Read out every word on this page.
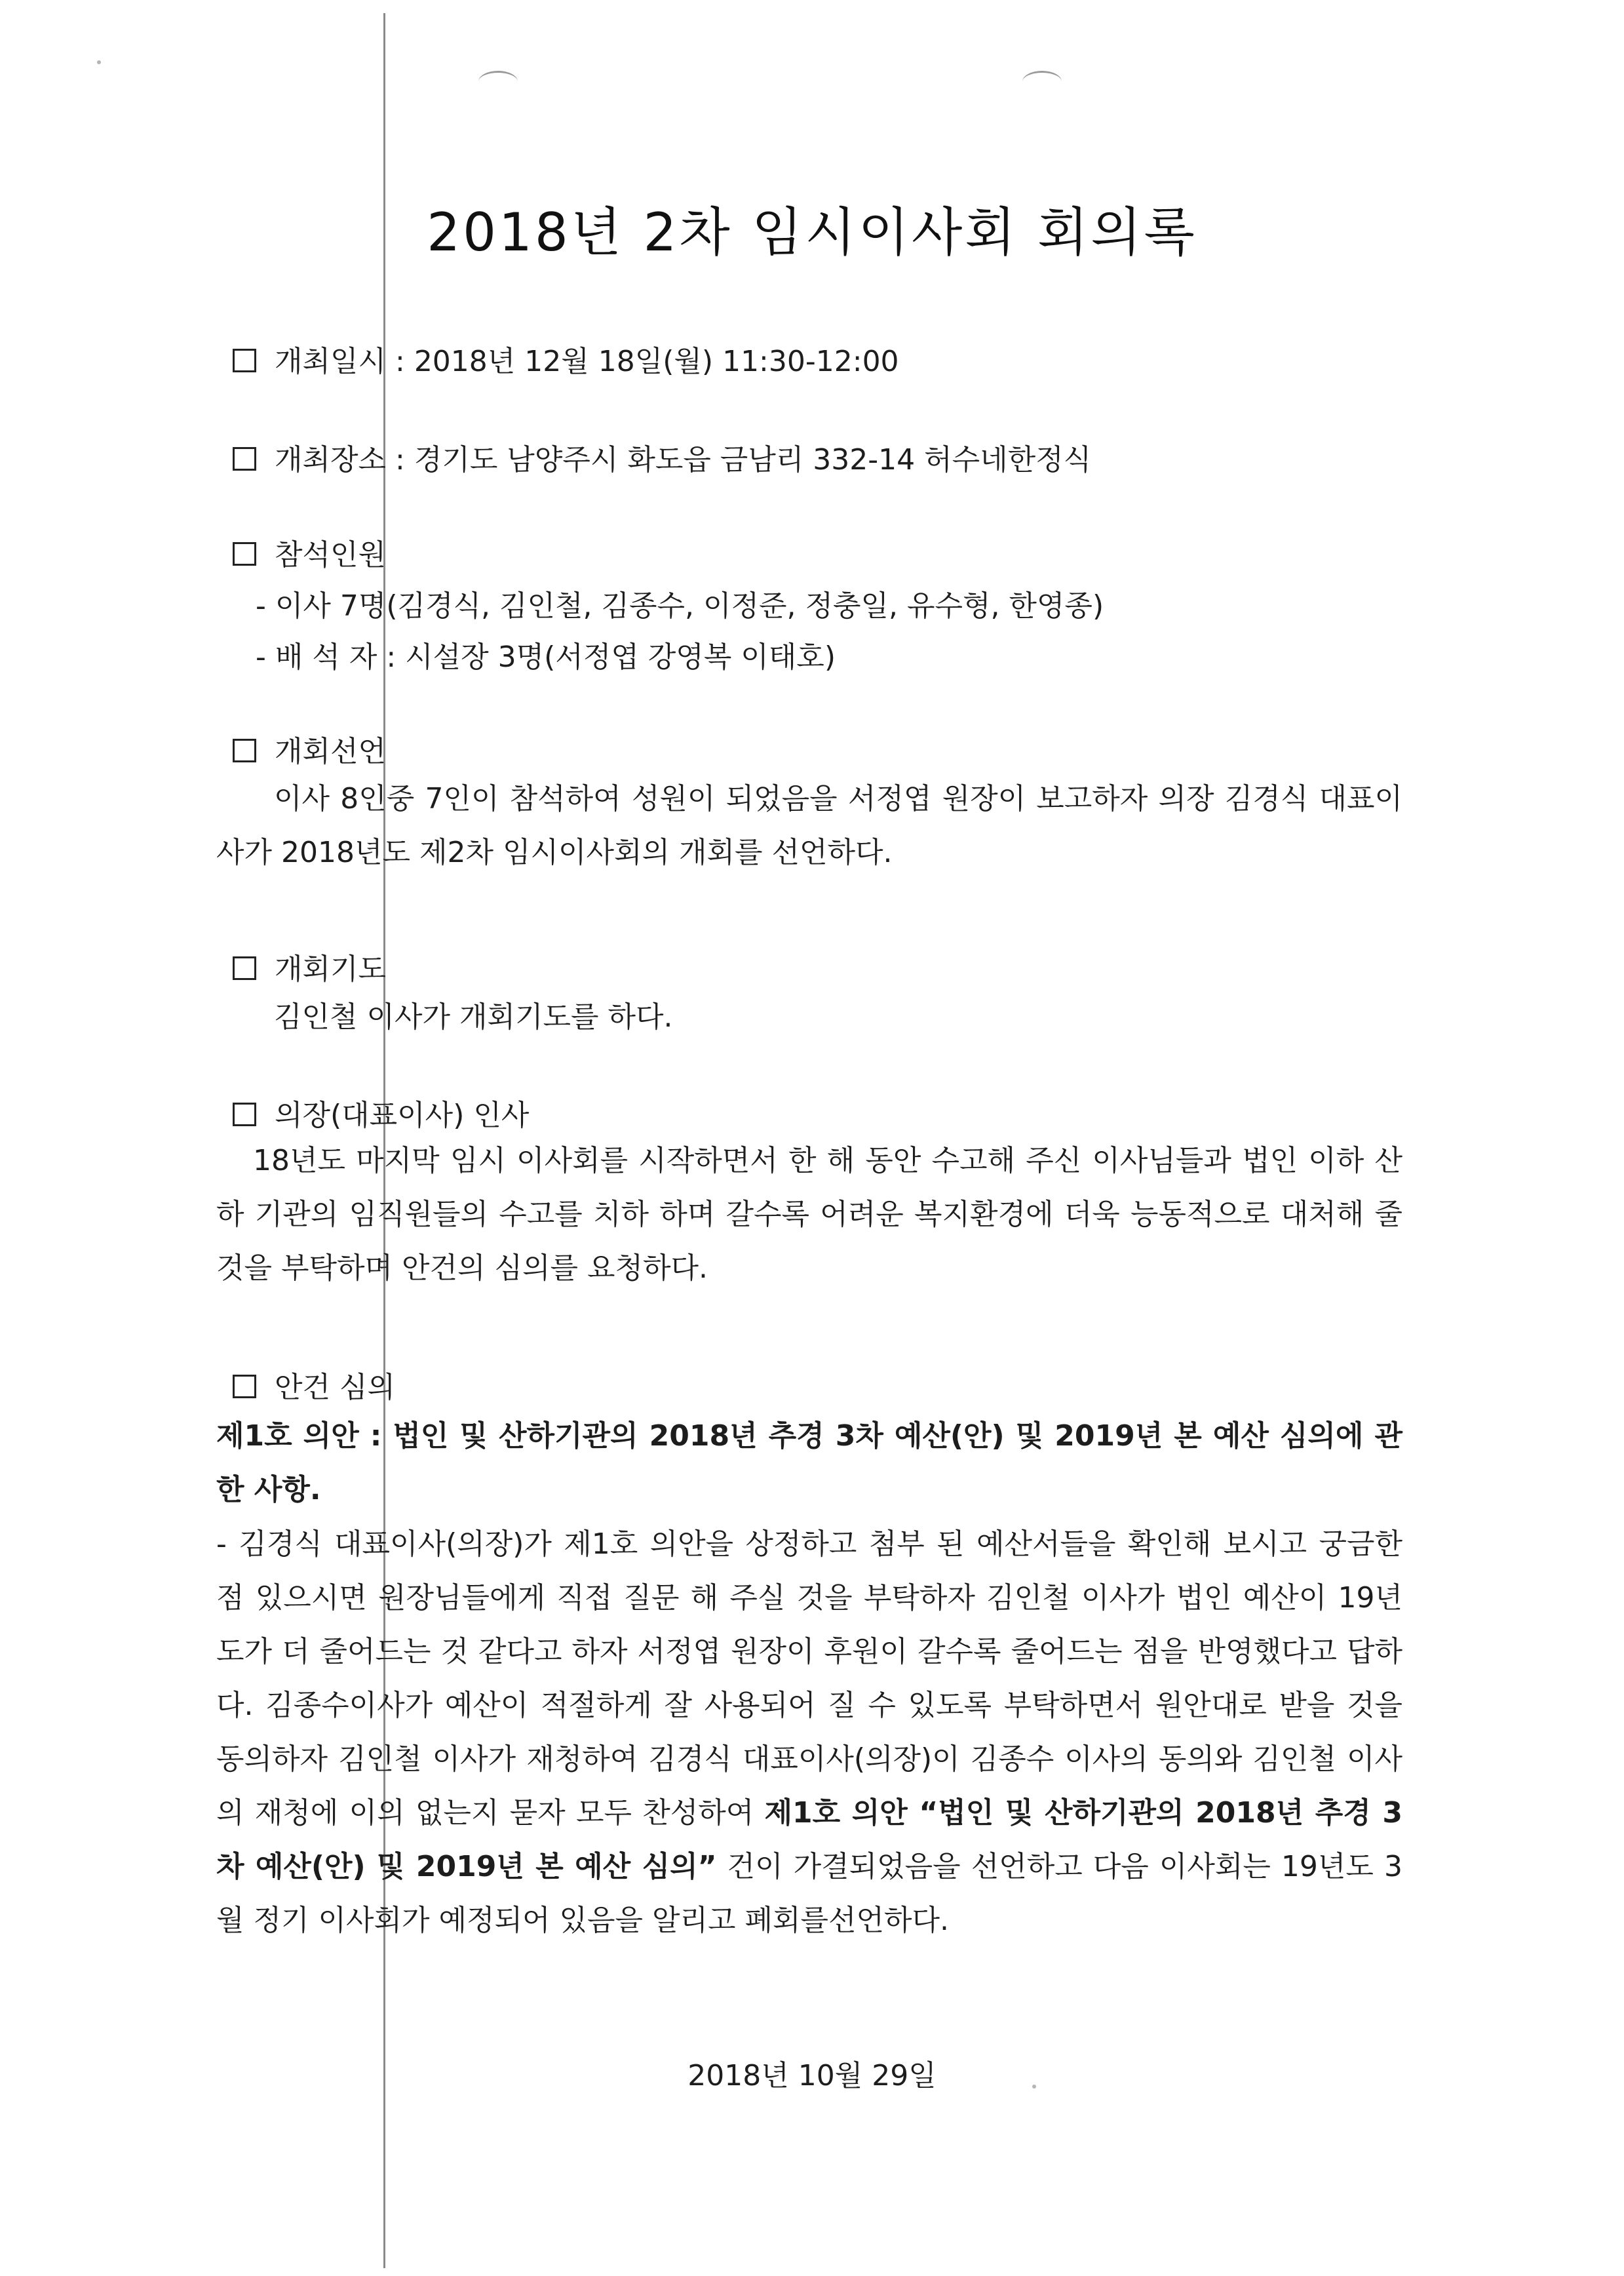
2018년 2차 임시이사회 회의록
개최일시 : 2018년 12월 18일(월) 11:30-12:00
개최장소 : 경기도 남양주시 화도읍 금남리 332-14 허수네한정식
참석인원
- 이사 7명(김경식, 김인철, 김종수, 이정준, 정충일, 유수형, 한영종)
- 배 석 자 : 시설장 3명(서정엽 강영복 이태호)
개회선언
이사 8인중 7인이 참석하여 성원이 되었음을 서정엽 원장이 보고하자 의장 김경식 대표이사가 2018년도 제2차 임시이사회의 개회를 선언하다.
개회기도
김인철 이사가 개회기도를 하다.
의장(대표이사) 인사
18년도 마지막 임시 이사회를 시작하면서 한 해 동안 수고해 주신 이사님들과 법인 이하 산하 기관의 임직원들의 수고를 치하 하며 갈수록 어려운 복지환경에 더욱 능동적으로 대처해 줄 것을 부탁하며 안건의 심의를 요청하다.
안건 심의
제1호 의안 : 법인 및 산하기관의 2018년 추경 3차 예산(안) 및 2019년 본 예산 심의에 관한 사항.
- 김경식 대표이사(의장)가 제1호 의안을 상정하고 첨부 된 예산서들을 확인해 보시고 궁금한 점 있으시면 원장님들에게 직접 질문 해 주실 것을 부탁하자 김인철 이사가 법인 예산이 19년도가 더 줄어드는 것 같다고 하자 서정엽 원장이 후원이 갈수록 줄어드는 점을 반영했다고 답하다. 김종수이사가 예산이 적절하게 잘 사용되어 질 수 있도록 부탁하면서 원안대로 받을 것을 동의하자 김인철 이사가 재청하여 김경식 대표이사(의장)이 김종수 이사의 동의와 김인철 이사의 재청에 이의 없는지 묻자 모두 찬성하여 제1호 의안 “법인 및 산하기관의 2018년 추경 3차 예산(안) 및 2019년 본 예산 심의” 건이 가결되었음을 선언하고 다음 이사회는 19년도 3월 정기 이사회가 예정되어 있음을 알리고 폐회를선언하다.
2018년 10월 29일
